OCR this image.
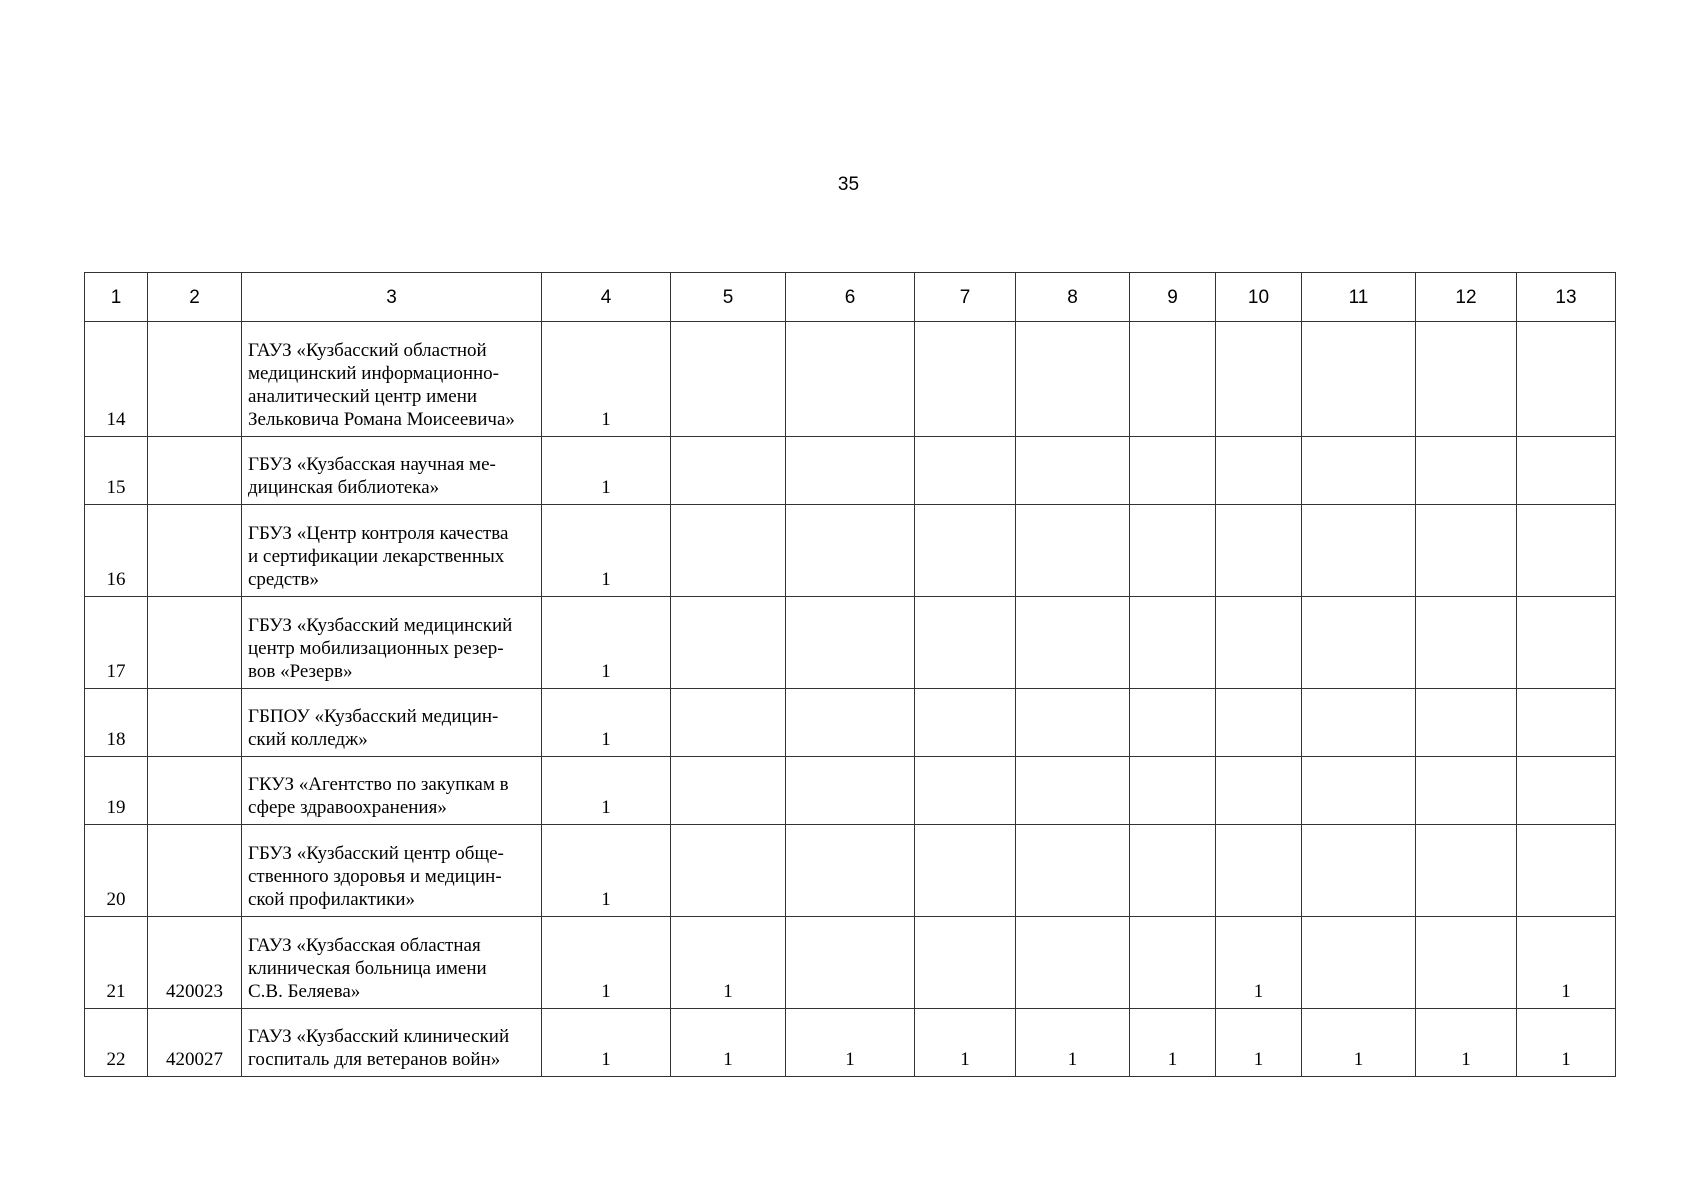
35
1	2	3	4	5	6	7	8	9	10	11	12	13
14		ГАУЗ «Кузбасский областной
медицинский информационно-
аналитический центр имени
Зельковича Романа Моисеевича»	1									
15		ГБУЗ «Кузбасская научная ме-
дицинская библиотека»	1									
16		ГБУЗ «Центр контроля качества
и сертификации лекарственных
средств»	1									
17		ГБУЗ «Кузбасский медицинский
центр мобилизационных резер-
вов «Резерв»	1									
18		ГБПОУ «Кузбасский медицин-
ский колледж»	1									
19		ГКУЗ «Агентство по закупкам в
сфере здравоохранения»	1									
20		ГБУЗ «Кузбасский центр обще-
ственного здоровья и медицин-
ской профилактики»	1									
21	420023	ГАУЗ «Кузбасская областная
клиническая больница имени
С.В. Беляева»	1	1					1			1
22	420027	ГАУЗ «Кузбасский клинический
госпиталь для ветеранов войн»	1	1	1	1	1	1	1	1	1	1
